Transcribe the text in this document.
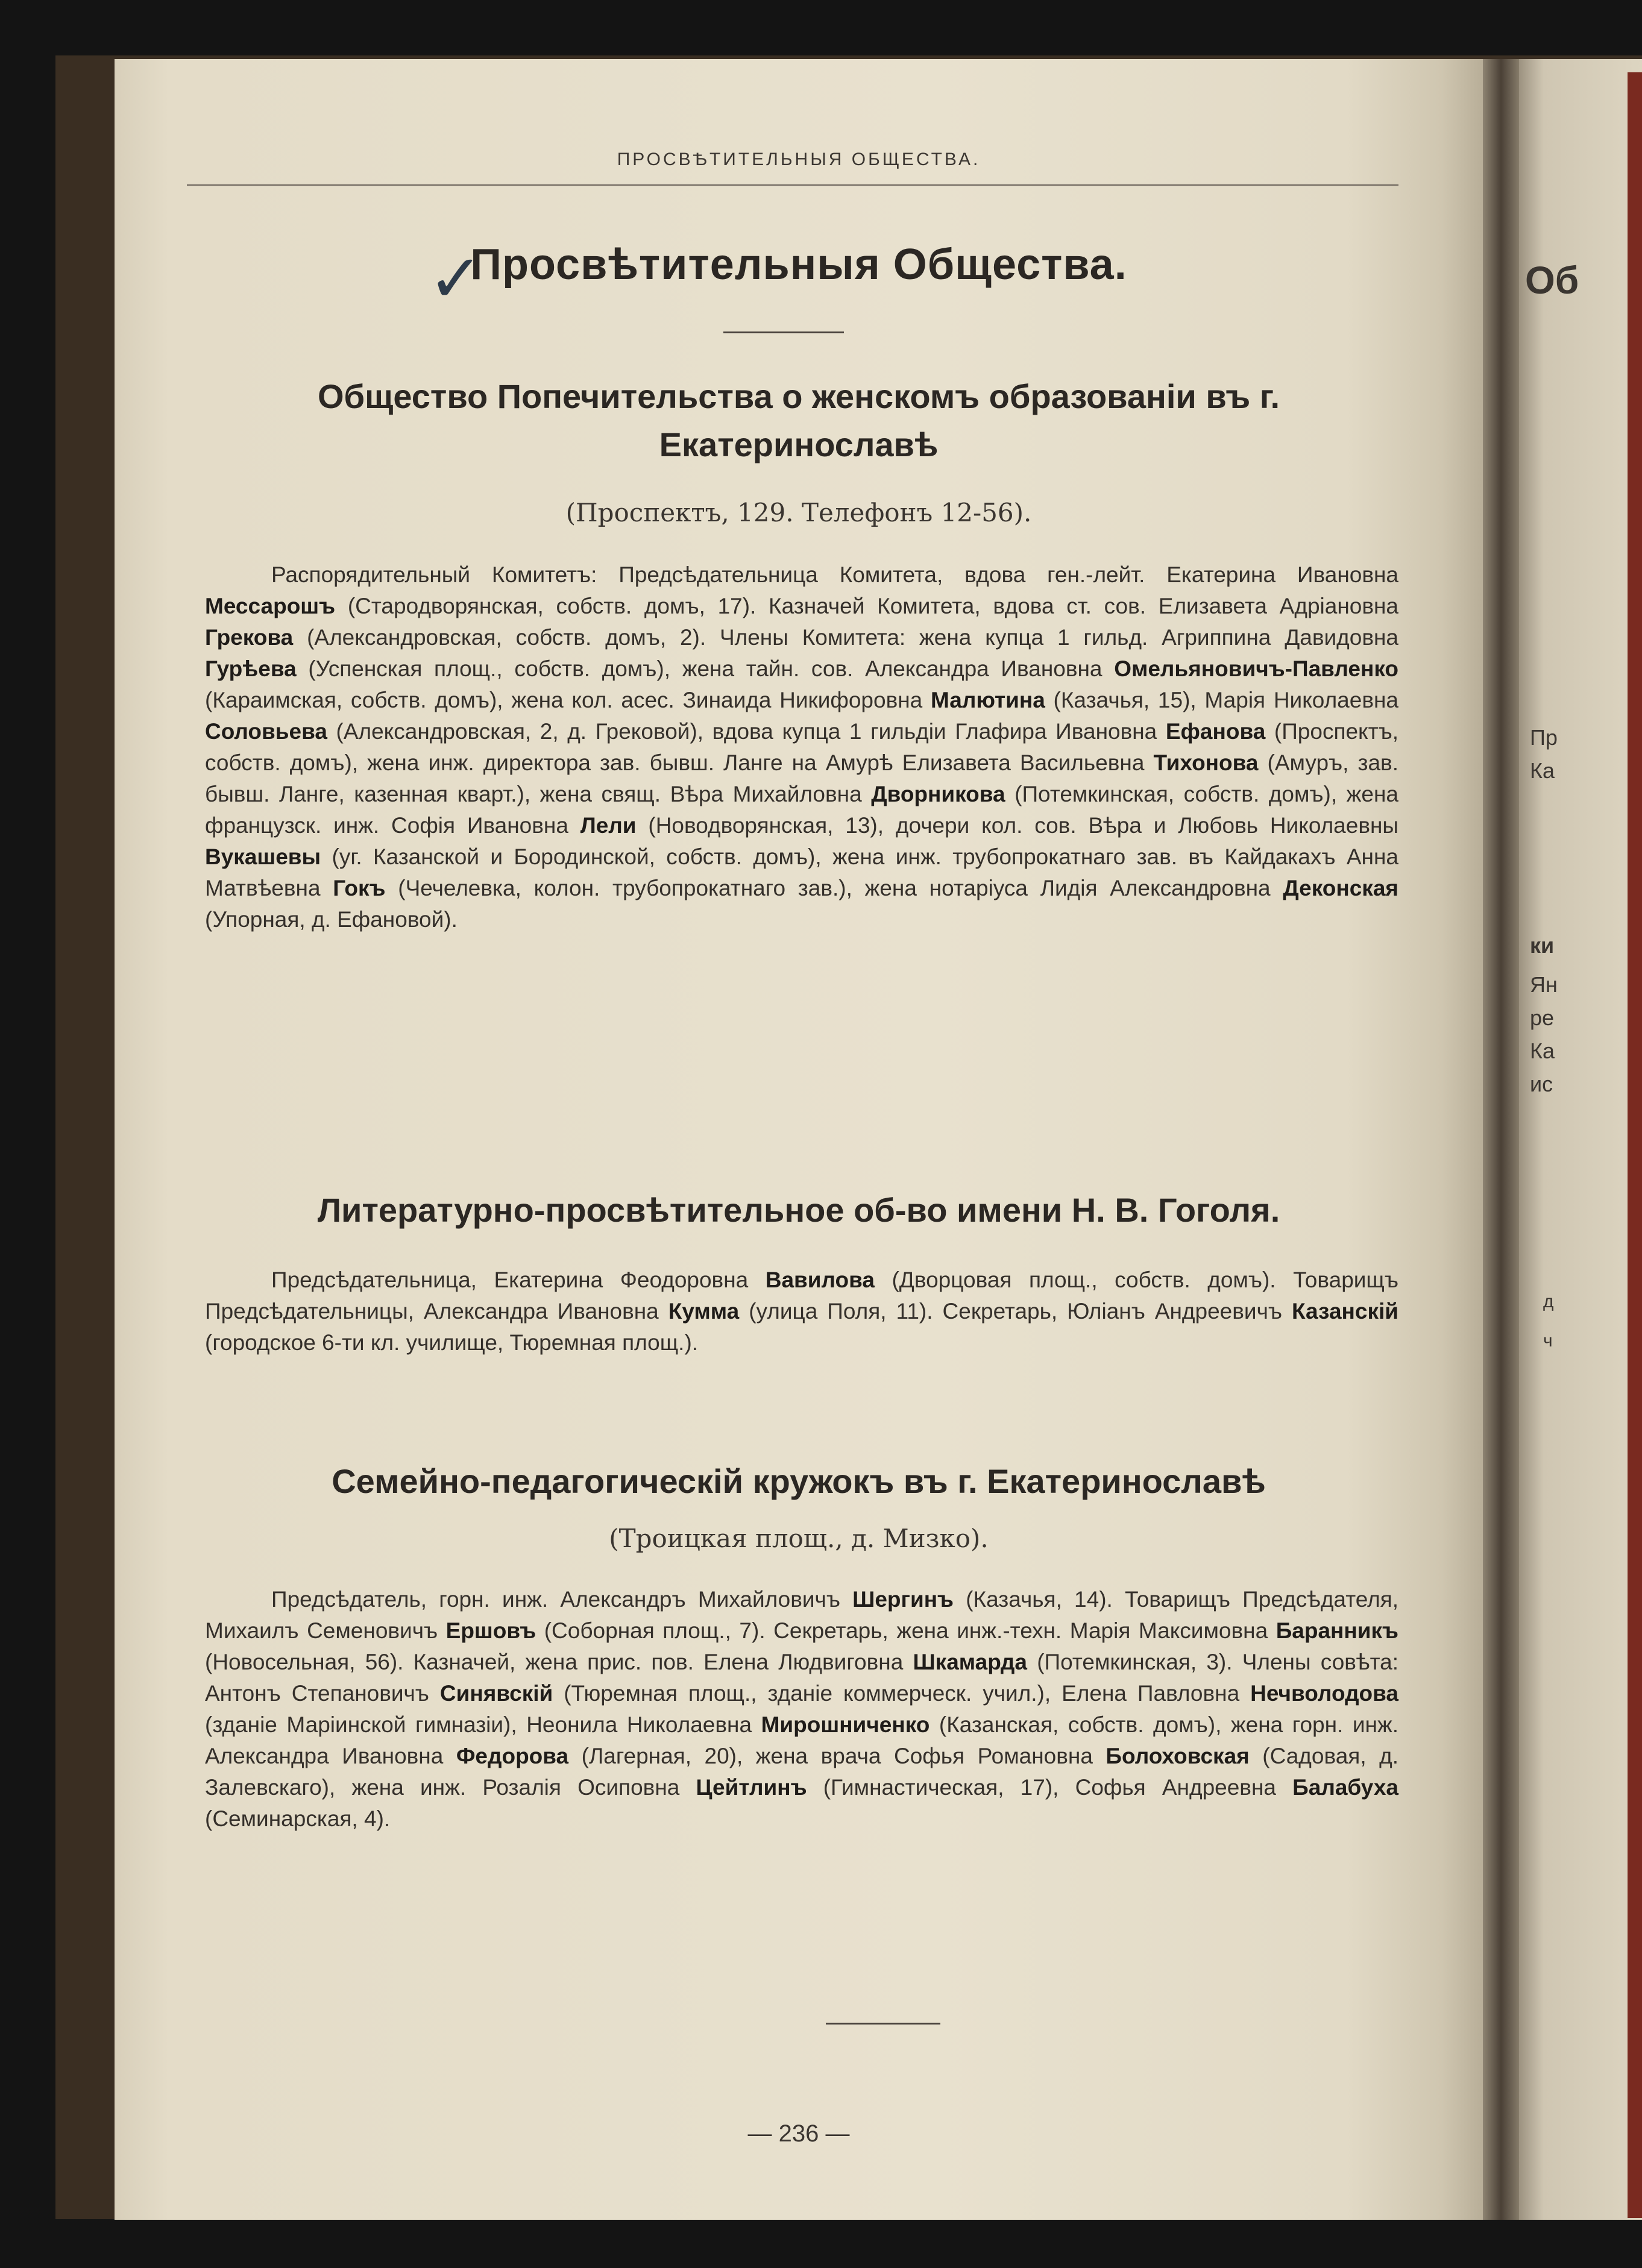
Об
Пр
Ка
ки
Ян
ре
Ка
ис
д
ч
ПРОСВѢТИТЕЛЬНЫЯ ОБЩЕСТВА.
✓
Просвѣтительныя Общества.
Общество Попечительства о женскомъ образованіи въ г. Екатеринославѣ
(Проспектъ, 129. Телефонъ 12-56).
Распорядительный Комитетъ: Предсѣдательница Комитета, вдова ген.-лейт. Екатерина Ивановна Мессарошъ (Стародворянская, собств. домъ, 17). Казначей Комитета, вдова ст. сов. Елизавета Адріановна Грекова (Александровская, собств. домъ, 2). Члены Комитета: жена купца 1 гильд. Агриппина Давидовна Гурѣева (Успенская площ., собств. домъ), жена тайн. сов. Александра Ивановна Омельяновичъ-Павленко (Караимская, собств. домъ), жена кол. асес. Зинаида Никифоровна Малютина (Казачья, 15), Марія Николаевна Соловьева (Александровская, 2, д. Грековой), вдова купца 1 гильдіи Глафира Ивановна Ефанова (Проспектъ, собств. домъ), жена инж. директора зав. бывш. Ланге на Амурѣ Елизавета Васильевна Тихонова (Амуръ, зав. бывш. Ланге, казенная кварт.), жена свящ. Вѣра Михайловна Дворникова (Потемкинская, собств. домъ), жена французск. инж. Софія Ивановна Лели (Новодворянская, 13), дочери кол. сов. Вѣра и Любовь Николаевны Вукашевы (уг. Казанской и Бородинской, собств. домъ), жена инж. трубопрокатнаго зав. въ Кайдакахъ Анна Матвѣевна Гокъ (Чечелевка, колон. трубопрокатнаго зав.), жена нотаріуса Лидія Александровна Деконская (Упорная, д. Ефановой).
Литературно-просвѣтительное об-во имени Н. В. Гоголя.
Предсѣдательница, Екатерина Феодоровна Вавилова (Дворцовая площ., собств. домъ). Товарищъ Предсѣдательницы, Александра Ивановна Кумма (улица Поля, 11). Секретарь, Юліанъ Андреевичъ Казанскій (городское 6-ти кл. училище, Тюремная площ.).
Семейно-педагогическій кружокъ въ г. Екатеринославѣ
(Троицкая площ., д. Мизко).
Предсѣдатель, горн. инж. Александръ Михайловичъ Шергинъ (Казачья, 14). Товарищъ Предсѣдателя, Михаилъ Семеновичъ Ершовъ (Соборная площ., 7). Секретарь, жена инж.-техн. Марія Максимовна Баранникъ (Новосельная, 56). Казначей, жена прис. пов. Елена Людвиговна Шкамарда (Потемкинская, 3). Члены совѣта: Антонъ Степановичъ Синявскій (Тюремная площ., зданіе коммерческ. учил.), Елена Павловна Нечволодова (зданіе Маріинской гимназіи), Неонила Николаевна Мирошниченко (Казанская, собств. домъ), жена горн. инж. Александра Ивановна Федорова (Лагерная, 20), жена врача Софья Романовна Болоховская (Садовая, д. Залевскаго), жена инж. Розалія Осиповна Цейтлинъ (Гимнастическая, 17), Софья Андреевна Балабуха (Семинарская, 4).
— 236 —
